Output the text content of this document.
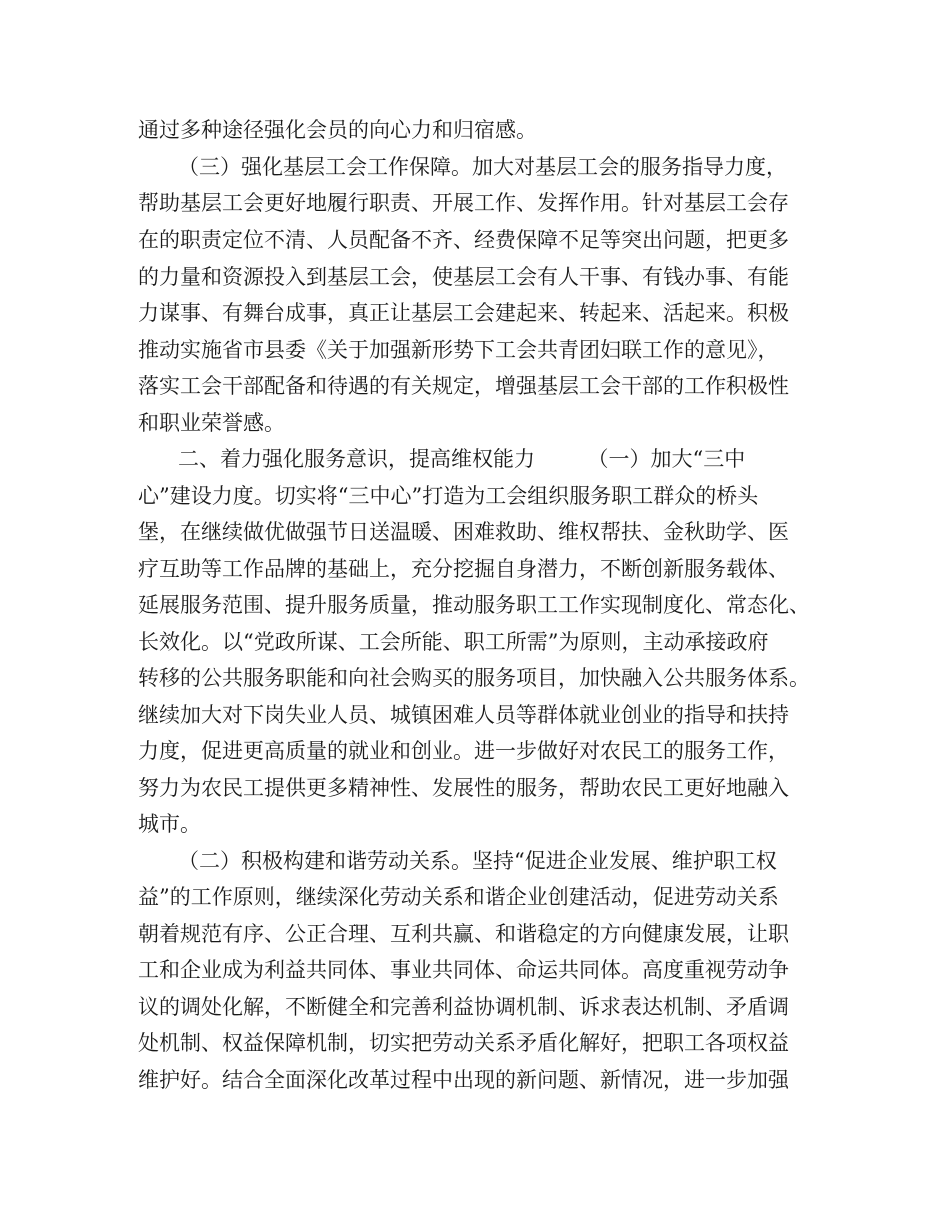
通过多种途径强化会员的向心力和归宿感。
（三）强化基层工会工作保障。加大对基层工会的服务指导力度，
帮助基层工会更好地履行职责、开展工作、发挥作用。针对基层工会存
在的职责定位不清、人员配备不齐、经费保障不足等突出问题，把更多
的力量和资源投入到基层工会，使基层工会有人干事、有钱办事、有能
力谋事、有舞台成事，真正让基层工会建起来、转起来、活起来。积极
推动实施省市县委《关于加强新形势下工会共青团妇联工作的意见》，
落实工会干部配备和待遇的有关规定，增强基层工会干部的工作积极性
和职业荣誉感。
二、着力强化服务意识，提高维权能力　　　（一）加大“三中
心”建设力度。切实将“三中心”打造为工会组织服务职工群众的桥头
堡，在继续做优做强节日送温暖、困难救助、维权帮扶、金秋助学、医
疗互助等工作品牌的基础上，充分挖掘自身潜力，不断创新服务载体、
延展服务范围、提升服务质量，推动服务职工工作实现制度化、常态化、
长效化。以“党政所谋、工会所能、职工所需”为原则，主动承接政府
转移的公共服务职能和向社会购买的服务项目，加快融入公共服务体系。
继续加大对下岗失业人员、城镇困难人员等群体就业创业的指导和扶持
力度，促进更高质量的就业和创业。进一步做好对农民工的服务工作，
努力为农民工提供更多精神性、发展性的服务，帮助农民工更好地融入
城市。
（二）积极构建和谐劳动关系。坚持“促进企业发展、维护职工权
益”的工作原则，继续深化劳动关系和谐企业创建活动，促进劳动关系
朝着规范有序、公正合理、互利共赢、和谐稳定的方向健康发展，让职
工和企业成为利益共同体、事业共同体、命运共同体。高度重视劳动争
议的调处化解，不断健全和完善利益协调机制、诉求表达机制、矛盾调
处机制、权益保障机制，切实把劳动关系矛盾化解好，把职工各项权益
维护好。结合全面深化改革过程中出现的新问题、新情况，进一步加强
